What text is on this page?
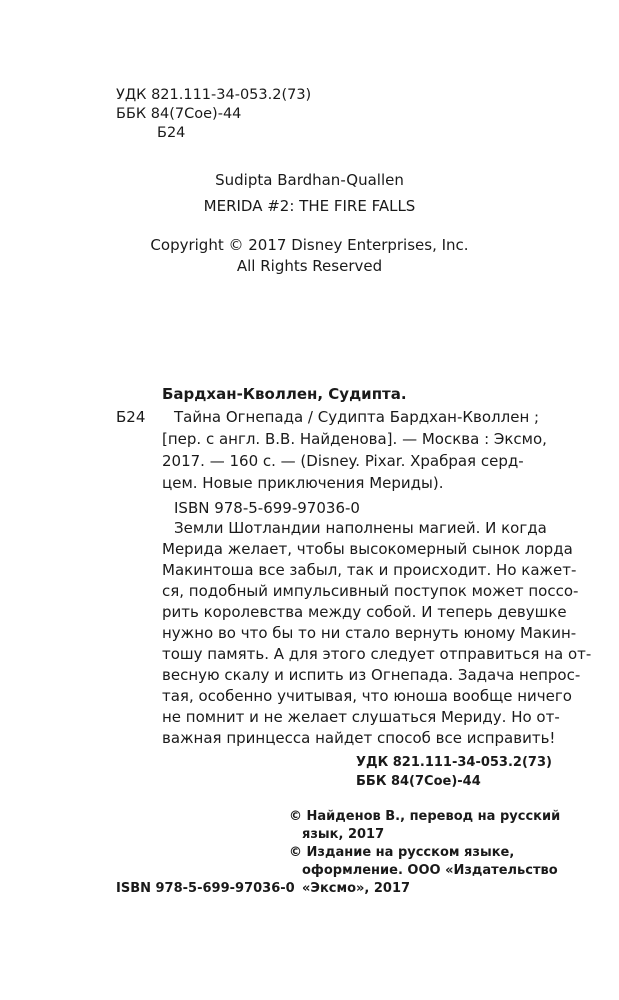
УДК 821.111-34-053.2(73)
ББК 84(7Сое)-44
Б24
Sudipta Bardhan-Quallen
MERIDA #2: THE FIRE FALLS
Copyright © 2017 Disney Enterprises, Inc.
All Rights Reserved
Бардхан-Кволлен, Судипта.
Б24 Тайна Огнепада / Судипта Бардхан-Кволлен ;
[пер. с англ. В.В. Найденова]. — Москва : Эксмо,
2017. — 160 с. — (Disney. Pixar. Храбрая серд-
цем. Новые приключения Мериды).
ISBN 978-5-699-97036-0
Земли Шотландии наполнены магией. И когда
Мерида желает, чтобы высокомерный сынок лорда
Макинтоша все забыл, так и происходит. Но кажет-
ся, подобный импульсивный поступок может поссо-
рить королевства между собой. И теперь девушке
нужно во что бы то ни стало вернуть юному Макин-
тошу память. А для этого следует отправиться на от-
весную скалу и испить из Огнепада. Задача непрос-
тая, особенно учитывая, что юноша вообще ничего
не помнит и не желает слушаться Мериду. Но от-
важная принцесса найдет способ все исправить!
УДК 821.111-34-053.2(73)
ББК 84(7Сое)-44
© Найденов В., перевод на русский
язык, 2017
© Издание на русском языке,
оформление. ООО «Издательство
«Эксмо», 2017
ISBN 978-5-699-97036-0
